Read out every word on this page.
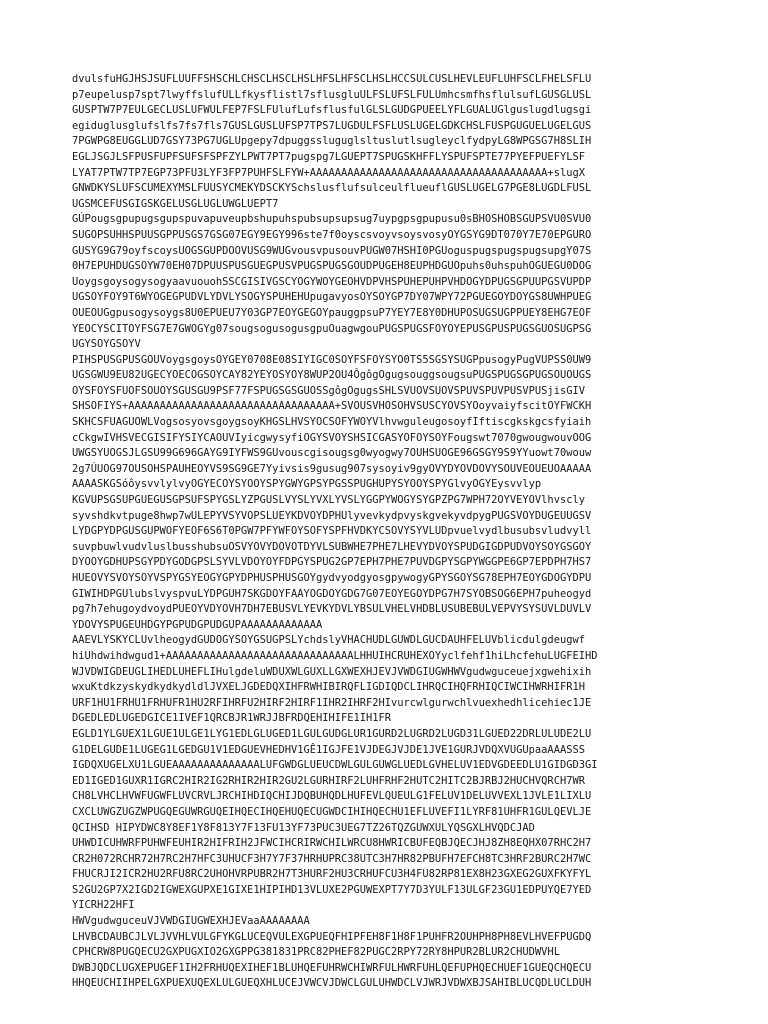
dvulsfuHGJHSJSUFLUUFFSHSCHLCHSCLHSCLHSLHFSLHFSCLHSLHCCSULCUSLHEVLEUFLUHFSCLFHELSFLU
p7eupelusp7spt7lwyffslufULLfkysflistl7sflusgluULFSLUFSLFULUmhcsmfhsflulsufLGUSGLUSL
GUSPTW7P7EULGECLUSLUFWULFEP7FSLFUlufLufsflusfulGLSLGUDGPUEELYFLGUALUGlguslugdlugsgi
egiduglusglufslfs7fs7fls7GUSLGUSLUFSP7TPS7LUGDULFSFLUSLUGELGDKCHSLFUSPGUGUELUGELGUS
7PGWPG8EUGGLUD7GSY73PG7UGLUpgepy7dpuggssluguglsltuslutlsugleyclfydpyLG8WPGSG7H8SLIH
EGLJSGJLSFPUSFUPFSUFSFSPFZYLPWT7PT7pugspg7LGUEPT7SPUGSKHFFLYSPUFSPTE77PYEFPUEFYLSF
LYAT7PTW7TP7EGP73PFU3LYF3FP7PUHFSLFYW+AAAAAAAAAAAAAAAAAAAAAAAAAAAAAAAAAAAAAA+slugX
GNWDKYSLUFSCUMEXYMSLFUUSYCMEKYDSCKYSchslusflufsulceulflueuflGUSLUGELG7PGE8LUGDLFUSL
UGSMCEFUSGIGSKGELUSGLUGLUWGLUEPT7
GÚPougsgpupugsgupspuvapuveupbshupuhspubsupsupsug7uypgpsgpupusu0sBHOSHOBSGUPSVU0SVU0
SUGOPSUHHSPUUSGPPUSGS7GSG07EGY9EGY996ste7f0oyscsvoyvsoysvosyOYGSYG9DT070Y7E70EPGURO
GUSYG9G79oyfscoysUOGSGUPDOOVUSG9WUGvousvpusouvPUGW07HSHI0PGUoguspugspugspugsupgY07S
0H7EPUHDUGSOYW70EH07DPUUSPUSGUEGPUSVPUGSPUGSGOUDPUGEH8EUPHDGUOpuhs0uhspuhOGUEGU0DOG
UoygsgoysogysogyaavuouohSSCGISIVGSCYOGYWOYGEOHVDPVHSPUHEPUHPVHDOGYDPUGSGPUUPGSVUPDP
UGSOYFOY9T6WYOGEGPUDVLYDVLYSOGYSPUHEHUpugavyosOYSOYGP7DY07WPY72PGUEGOYDOYGS8UWHPUEG
OUEOUGgpusogysoygs8U0EPUEU7Y03GP7EOYGEGOYpauggpsuP7YEY7E8Y0DHUPOSUGSUGPPUEY8EHG7EOF
YEOCYSCITOYFSG7E7GWOGYg07sougsogusogusgpuOuagwgouPUGSPUGSFOYOYEPUSGPUSPUGSGUOSUGPSG
UGYSOYGSOYV
PIHSPUSGPUSGOUVoygsgoysOYGEY0708E08SIYIGC0SOYFSFOYSYO0TS5SGSYSUGPpusogyPugVUPSS0UW9
UGSGWU9EU82UGECYOECOGSOYCAY82YEYOSYOY8WUP2OU4ÔgôgOgugsouggsougsuPUGSPUGSGPUGSOUOUGS
OYSFOYSFUOFSOUOYSGUSGU9PSF77FSPUGSGSGUOSSgôgOgugsSHLSVUOVSUOVSPUVSPUVPUSVPUSjisGIV
SHSOFIYS+AAAAAAAAAAAAAAAAAAAAAAAAAAAAAAAAA+SVOUSVHOSOHVSUSCYOVSYOoyvaiyfscitOYFWCKH
SKHCSFUAGUOWLVogsosyovsgoygsoyKHGSLHVSYOCSOFYWOYVlhvwguleugosoyfIftiscgkskgcsfyiaih
cCkgwIVHSVECGISIFYSIYCAOUVIyicgwysyfiOGYSVOYSHSICGASYOFOYSOYFougswt7070gwougwouvOOG
UWGSYUOGSJLGSU99G696GAYG9IYFWS9GUvouscgisougsg0wyogwy7OUHSUOGE96GSGY9S9YYuowt70wouw
2g7ÚUOG97OUSOHSPAUHEOYVS9SG9GE7Yyivsis9gusug907sysoyiv9gyOVYDYOVDOVYSOUVEOUEUOAAAAA
AAAASKGSóôysvvlylvyOGYECOYSYOOYSPYGWYGPSYPGSSPUGHUPYSYOOYSPYGlvyOGYEysvvlyp
KGVUPSGSUPGUEGUSGPSUFSPYGSLYZPGUSLVYSLYVXLYVSLYGGPYWOGYSYGPZPG7WPH72OYVEYOVlhvscly
syvshdkvtpuge8hwp7wULEPYVSYVOPSLUEYKDVOYDPHUlyvevkydpvyskgvekyvdpygPUGSVOYDUGEUUGSV
LYDGPYDPGUSGUPWOFYEOF6S6T0PGW7PFYWFOYSOFYSPFHVDKYCSOVYSYVLUDpvuelvydlbusubsvludvyll
suvpbuwlvudvluslbusshubsuOSVYOVYDOVOTDYVLSUBWHE7PHE7LHEVYDVOYSPUDGIGDPUDVOYSOYGSGOY
DYOOYGDHUPSGYPDYGODGPSLSYVLVDOYOYFDPGYSPUG2GP7EPH7PHE7PUVDGPYSGPYWGGPE6GP7EPDPH7HS7
HUEOVYSVOYSOYVSPYGSYEOGYGPYDPHUSPHUSGOYgydvyodgyosgpywogyGPYSGOYSG78EPH7EOYGDOGYDPU
GIWIHDPGUlubslvyspvuLYDPGUH7SKGDOYFAAYOGDOYGDG7G07EOYEGOYDPG7H7SYOBSOG6EPH7puheogyd
pg7h7ehugoydvoydPUEOYVDYOVH7DH7EBUSVLYEVKYDVLYBSULVHELVHDBLUSUBEBULVEPVYSYSUVLDUVLV
YDOVYSPUGEUHDGYPGPUDGPUDGUPAAAAAAAAAAAAA
AAEVLYSKYCLUvlheogydGUDOGYSOYGSUGPSLYchdslyVHACHUDLGUWDLGUCDAUHFELUVblicdulgdeugwf
hiUhdwihdwgud1+AAAAAAAAAAAAAAAAAAAAAAAAAAAAAALHHUIHCRUHEXOYyclfehf1hiLhcfehuLUGFEIHD
WJVDWIGDEUGLIHEDLUHEFLIHulgdeluWDUXWLGUXLLGXWEXHJEVJVWDGIUGWHWVgudwguceuejxgwehixih
wxuKtdkzyskydkydkydldlJVXELJGDEDQXIHFRWHIBIRQFLIGDIQDCLIHRQCIHQFRHIQCIWCIHWRHIFR1H
URF1HU1FRHU1FRHUFR1HU2RFIHRFU2HIRF2HIRF1IHR2IHRF2HIvurcwlgurwchlvuexhedhlicehiec1JE
DGEDLEDLUGEDGICE1IVEF1QRCBJR1WRJJBFRDQEHIHIFE1IH1FR
EGLD1YLGUEX1LGUE1ULGE1LYG1EDLGLUGED1LGULGUDGLUR1GURD2LUGRD2LUGD31LGUED22DRLULUDE2LU
G1DELGUDE1LUGEG1LGEDGU1V1EDGUEVHEDHV1GÊ1IGJFE1VJDEGJVJDE1JVE1GURJVDQXVUGUpaaAAASSS
IGDQXUGELXU1LGUEAAAAAAAAAAAAAALUFGWDGLUEUCDWLGULGUWGLUEDLGVHELUV1EDVGDEEDLU1GIDGD3GI
ED1IGED1GUXR1IGRC2HIR2IG2RHIR2HIR2GU2LGURHIRF2LUHFRHF2HUTC2HITC2BJRBJ2HUCHVQRCH7WR
CH8LVHCLHVWFUGWFLUVCRVLJRCHIHDIQCHIJDQBUHQDLHUFEVLQUEULG1FELUV1DELUVVEXL1JVLE1LIXLU
CXCLUWGZUGZWPUGQEGUWRGUQEIHQECIHQEHUQECUGWDCIHIHQECHU1EFLUVEFI1LYRF81UHFR1GULQEVLJE
QCIHSD HIPYDWC8Y8EF1Y8F813Y7F13FU13YF73PUC3UEG7TZ26TQZGUWXULYQSGXLHVQDCJAD
UHWDICUHWRFPUHWFEUHIR2HIFRIH2JFWCIHCRIRWCHILWRCU8HWRICBUFEQBJQECJHJ8ZH8EQHX07RHC2H7
CR2H072RCHR72H7RC2H7HFC3UHUCF3H7Y7F37HRHUPRC38UTC3H7HR82PBUFH7EFCH8TC3HRF2BURC2H7WC
FHUCRJI2ICR2HU2RFU8RC2UHOHVRPUBR2H7T3HURF2HU3CRHUFCU3H4FU82RP81EX8H23GXEG2GUXFKYFYL
S2GU2GP7X2IGD2IGWEXGUPXE1GIXE1HIPIHD13VLUXE2PGUWEXPT7Y7D3YULF13ULGF23GU1EDPUYQE7YED
YICRH22HFI
HWVgudwguceuVJVWDGIUGWEXHJEVaaAAAAAAAA
LHVBCDAUBCJLVLJVVHLVULGFYKGLUCEQVULEXGPUEQFHIPFEH8F1H8F1PUHFR2OUHPH8PH8EVLHVEFPUGDQ
CPHCRW8PUGQECU2GXPUGXIO2GXGPPG381831PRC82PHEF82PUGC2RPY72RY8HPUR2BLUR2CHUDWVHL
DWBJQDCLUGXEPUGEF1IH2FRHUQEXIHEF1BLUHQEFUHRWCHIWRFULHWRFUHLQEFUPHQECHUEF1GUEQCHQECU
HHQEUCHIIHPELGXPUEXUQEXLULGUEQXHLUCEJVWCVJDWCLGULUHWDCLVJWRJVDWXBJSAHIBLUCQDLUCLDUH
